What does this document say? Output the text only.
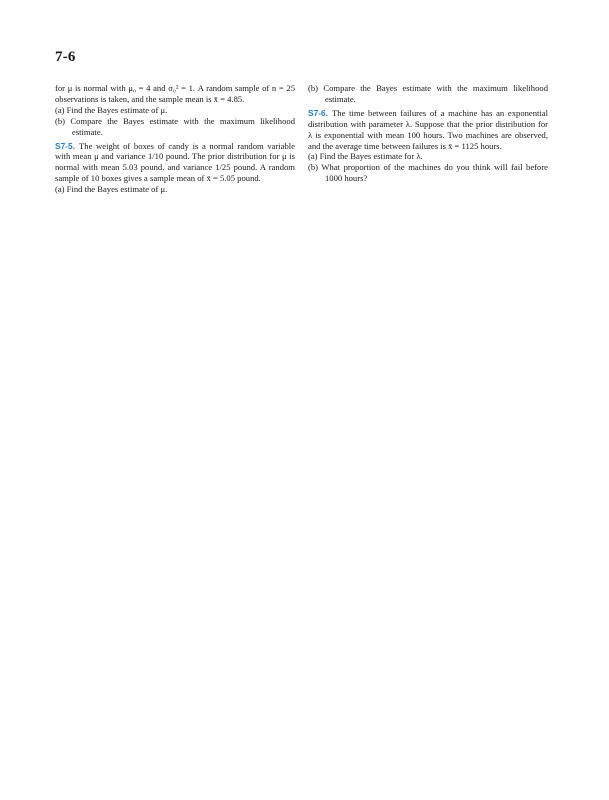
7-6

for μ is normal with μ₀ = 4 and σ₀² = 1. A random sample of n = 25 observations is taken, and the sample mean is x̄ = 4.85.

(a) Find the Bayes estimate of μ.

(b) Compare the Bayes estimate with the maximum likelihood estimate.

S7-5. The weight of boxes of candy is a normal random variable with mean μ and variance 1/10 pound. The prior distribution for μ is normal with mean 5.03 pound. and variance 1/25 pound. A random sample of 10 boxes gives a sample mean of x̄ = 5.05 pound.

(a) Find the Bayes estimate of μ.

(b) Compare the Bayes estimate with the maximum likelihood estimate.

S7-6. The time between failures of a machine has an exponential distribution with parameter λ. Suppose that the prior distribution for λ is exponential with mean 100 hours. Two machines are observed, and the average time between failures is x̄ = 1125 hours.

(a) Find the Bayes estimate for λ.

(b) What proportion of the machines do you think will fail before 1000 hours?
